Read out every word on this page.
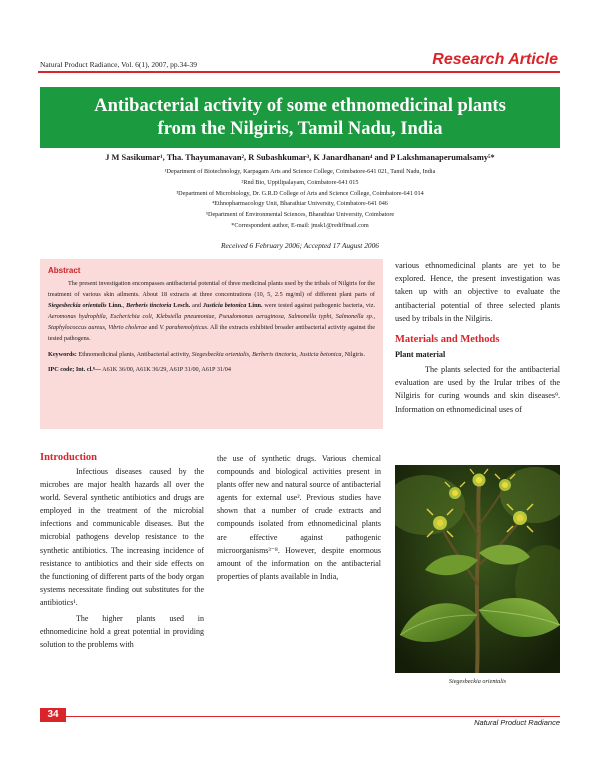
Natural Product Radiance, Vol. 6(1), 2007, pp.34-39	Research Article
Antibacterial activity of some ethnomedicinal plants from the Nilgiris, Tamil Nadu, India
J M Sasikumar¹, Tha. Thayumanavan², R Subashkumar³, K Janardhanan⁴ and P Lakshmanaperumalsamy⁵*
¹Department of Biotechnology, Karpagam Arts and Science College, Coimbatore-641 021, Tamil Nadu, India
²Rnd Bio, Uppilipalayam, Coimbatore-641 015
³Department of Microbiology, Dr. G.R.D College of Arts and Science College, Coimbatore-641 014
⁴Ethnopharmacology Unit, Bharathiar University, Coimbatore-641 046
⁵Department of Environmental Sciences, Bharathiar University, Coimbatore
*Correspondent author, E-mail: jmsk1@rediffmail.com
Received 6 February 2006; Accepted 17 August 2006
Abstract
The present investigation encompasses antibacterial potential of three medicinal plants used by the tribals of Nilgiris for the treatment of various skin ailments. About 18 extracts at three concentrations (10, 5, 2.5 mg/ml) of different plant parts of Siegesbeckia orientalis Linn., Berberis tinctoria Lesch. and Justicia betonica Linn. were tested against pathogenic bacteria, viz. Aeromonas hydrophila, Escherichia coli, Klebsiella pneumoniae, Pseudomonas aeruginosa, Salmonella typhi, Salmonella sp., Staphylococcus aureus, Vibrio cholerae and V. parahemolyticus. All the extracts exhibited broader antibacterial activity against the tested pathogens.
Keywords: Ethnomedicinal plants, Antibacterial activity, Siegesbeckia orientalis, Berberis tinctoria, Justicia betonica, Nilgiris.
IPC code; Int. cl.⁸— A61K 36/00, A61K 36/29, A61P 31/00, A61P 31/04
various ethnomedicinal plants are yet to be explored. Hence, the present investigation was taken up with an objective to evaluate the antibacterial potential of three selected plants used by tribals in the Nilgiris.
Materials and Methods
Plant material
The plants selected for the antibacterial evaluation are used by the Irular tribes of the Nilgiris for curing wounds and skin diseases⁹. Information on ethnomedicinal uses of
Introduction

Infectious diseases caused by the microbes are major health hazards all over the world. Several synthetic antibiotics and drugs are employed in the treatment of the microbial infections and communicable diseases. But the microbial pathogens develop resistance to the synthetic antibiotics. The increasing incidence of resistance to antibiotics and their side effects on the functioning of different parts of the body organ systems necessitate finding out substitutes for the antibiotics¹.

The higher plants used in ethnomedicine hold a great potential in providing solution to the problems with

the use of synthetic drugs. Various chemical compounds and biological activities present in plants offer new and natural source of antibacterial agents for external use². Previous studies have shown that a number of crude extracts and compounds isolated from ethnomedicinal plants are effective against pathogenic microorganisms³⁻⁸. However, despite enormous amount of the information on the antibacterial properties of plants available in India,
Siegesbeckia orientalis
34
Natural Product Radiance
